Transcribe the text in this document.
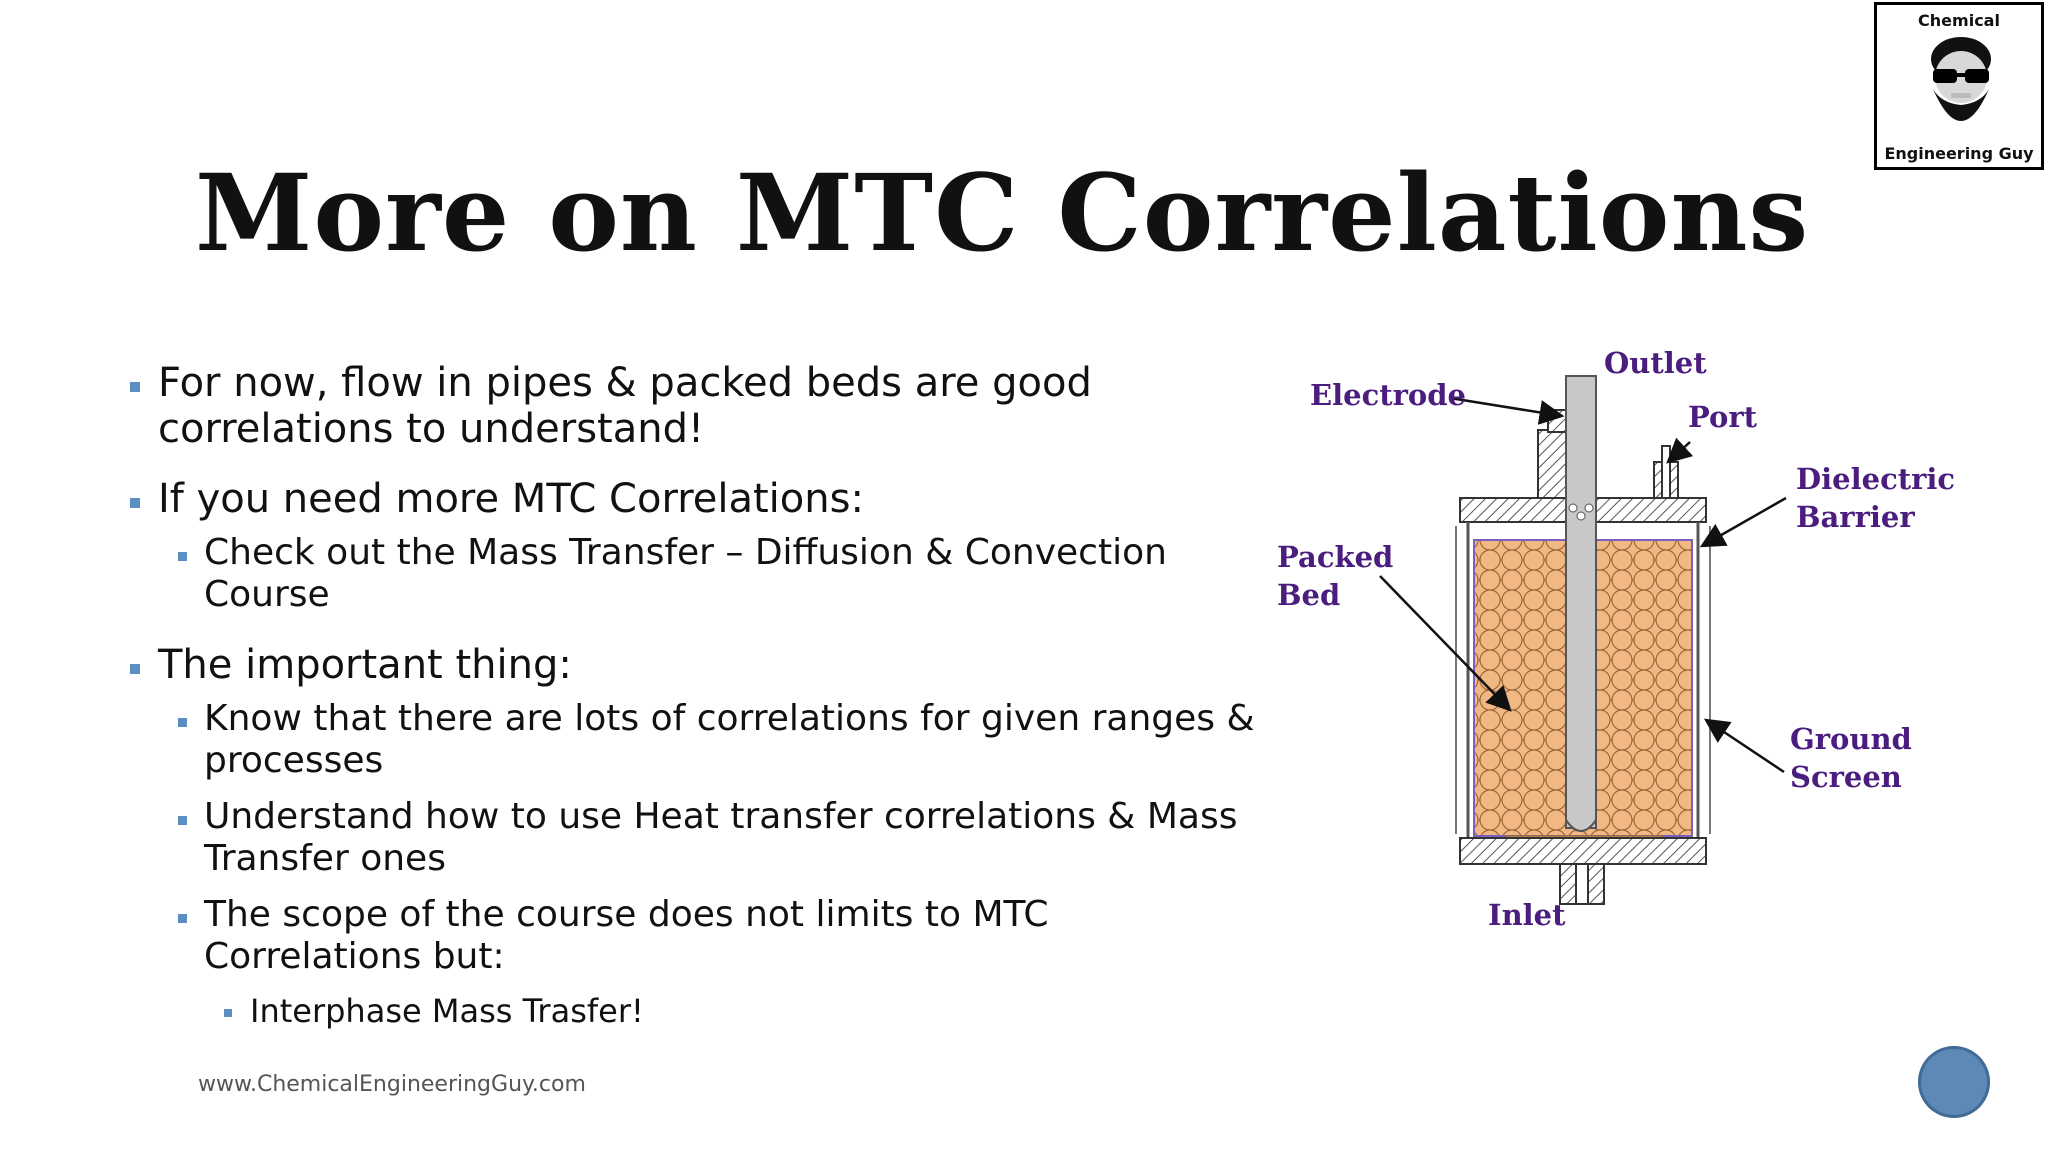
Chemical
Engineering Guy
More on MTC Correlations
For now, flow in pipes & packed beds are good correlations to understand!
If you need more MTC Correlations:
Check out the Mass Transfer – Diffusion & Convection Course
The important thing:
Know that there are lots of correlations for given ranges & processes
Understand how to use Heat transfer correlations & Mass Transfer ones
The scope of the course does not limits to MTC Correlations but:
Interphase Mass Trasfer!
Outlet
Electrode
Port
Dielectric
Barrier
Packed
Bed
Ground
Screen
Inlet
www.ChemicalEngineeringGuy.com
